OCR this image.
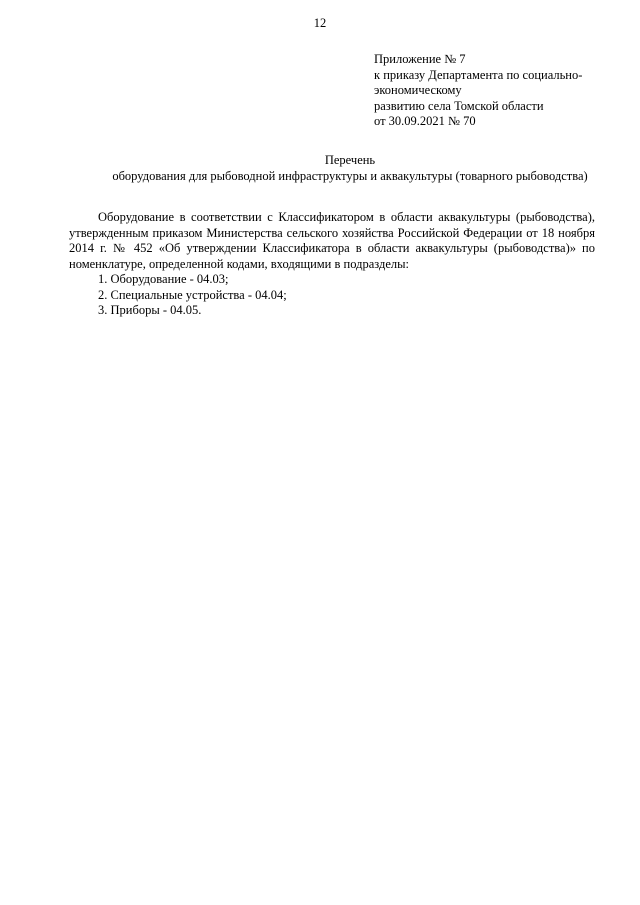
12
Приложение № 7
к приказу Департамента по социально-
экономическому
развитию села Томской области
от 30.09.2021 № 70
Перечень
оборудования для рыбоводной инфраструктуры и аквакультуры (товарного рыбоводства)

Оборудование в соответствии с Классификатором в области аквакультуры (рыбоводства), утвержденным приказом Министерства сельского хозяйства Российской Федерации от 18 ноября 2014 г. № 452 «Об утверждении Классификатора в области аквакультуры (рыбоводства)» по номенклатуре, определенной кодами, входящими в подразделы:

1. Оборудование - 04.03;

2. Специальные устройства - 04.04;

3. Приборы - 04.05.
